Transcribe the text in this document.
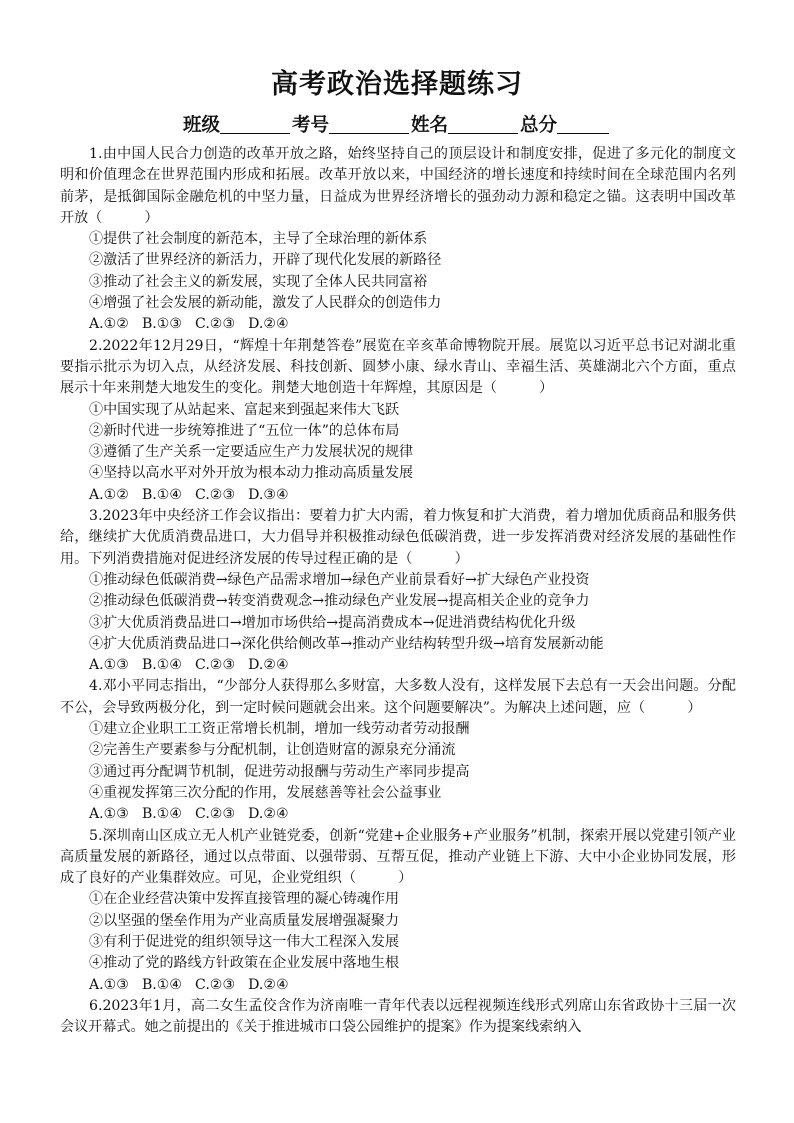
高考政治选择题练习
班级	考号	姓名	总分

1.由中国人民合力创造的改革开放之路，始终坚持自己的顶层设计和制度安排，促进了多元化的制度文明和价值理念在世界范围内形成和拓展。改革开放以来，中国经济的增长速度和持续时间在全球范围内名列前茅，是抵御国际金融危机的中坚力量，日益成为世界经济增长的强劲动力源和稳定之锚。这表明中国改革开放（　　　）

①提供了社会制度的新范本，主导了全球治理的新体系

②激活了世界经济的新活力，开辟了现代化发展的新路径

③推动了社会主义的新发展，实现了全体人民共同富裕

④增强了社会发展的新动能，激发了人民群众的创造伟力

A.①② B.①③ C.②③ D.②④

2.2022年12月29日，“辉煌十年荆楚答卷”展览在辛亥革命博物院开展。展览以习近平总书记对湖北重要指示批示为切入点，从经济发展、科技创新、圆梦小康、绿水青山、幸福生活、英雄湖北六个方面，重点展示十年来荆楚大地发生的变化。荆楚大地创造十年辉煌，其原因是（　　　）

①中国实现了从站起来、富起来到强起来伟大飞跃

②新时代进一步统筹推进了“五位一体”的总体布局

③遵循了生产关系一定要适应生产力发展状况的规律

④坚持以高水平对外开放为根本动力推动高质量发展

A.①② B.①④ C.②③ D.③④

3.2023年中央经济工作会议指出：要着力扩大内需，着力恢复和扩大消费，着力增加优质商品和服务供给，继续扩大优质消费品进口，大力倡导并积极推动绿色低碳消费，进一步发挥消费对经济发展的基础性作用。下列消费措施对促进经济发展的传导过程正确的是（　　　）

①推动绿色低碳消费→绿色产品需求增加→绿色产业前景看好→扩大绿色产业投资

②推动绿色低碳消费→转变消费观念→推动绿色产业发展→提高相关企业的竞争力

③扩大优质消费品进口→增加市场供给→提高消费成本→促进消费结构优化升级

④扩大优质消费品进口→深化供给侧改革→推动产业结构转型升级→培育发展新动能

A.①③ B.①④ C.②③ D.②④

4.邓小平同志指出，“少部分人获得那么多财富，大多数人没有，这样发展下去总有一天会出问题。分配不公，会导致两极分化，到一定时候问题就会出来。这个问题要解决”。为解决上述问题，应（　　　）

①建立企业职工工资正常增长机制，增加一线劳动者劳动报酬

②完善生产要素参与分配机制，让创造财富的源泉充分涌流

③通过再分配调节机制，促进劳动报酬与劳动生产率同步提高

④重视发挥第三次分配的作用，发展慈善等社会公益事业

A.①③ B.①④ C.②③ D.②④

5.深圳南山区成立无人机产业链党委，创新“党建+企业服务+产业服务”机制，探索开展以党建引领产业高质量发展的新路径，通过以点带面、以强带弱、互帮互促，推动产业链上下游、大中小企业协同发展，形成了良好的产业集群效应。可见，企业党组织（　　　）

①在企业经营决策中发挥直接管理的凝心铸魂作用

②以坚强的堡垒作用为产业高质量发展增强凝聚力

③有利于促进党的组织领导这一伟大工程深入发展

④推动了党的路线方针政策在企业发展中落地生根

A.①③ B.①④ C.②③ D.②④

6.2023年1月，高二女生孟佼含作为济南唯一青年代表以远程视频连线形式列席山东省政协十三届一次会议开幕式。她之前提出的《关于推进城市口袋公园维护的提案》作为提案线索纳入
